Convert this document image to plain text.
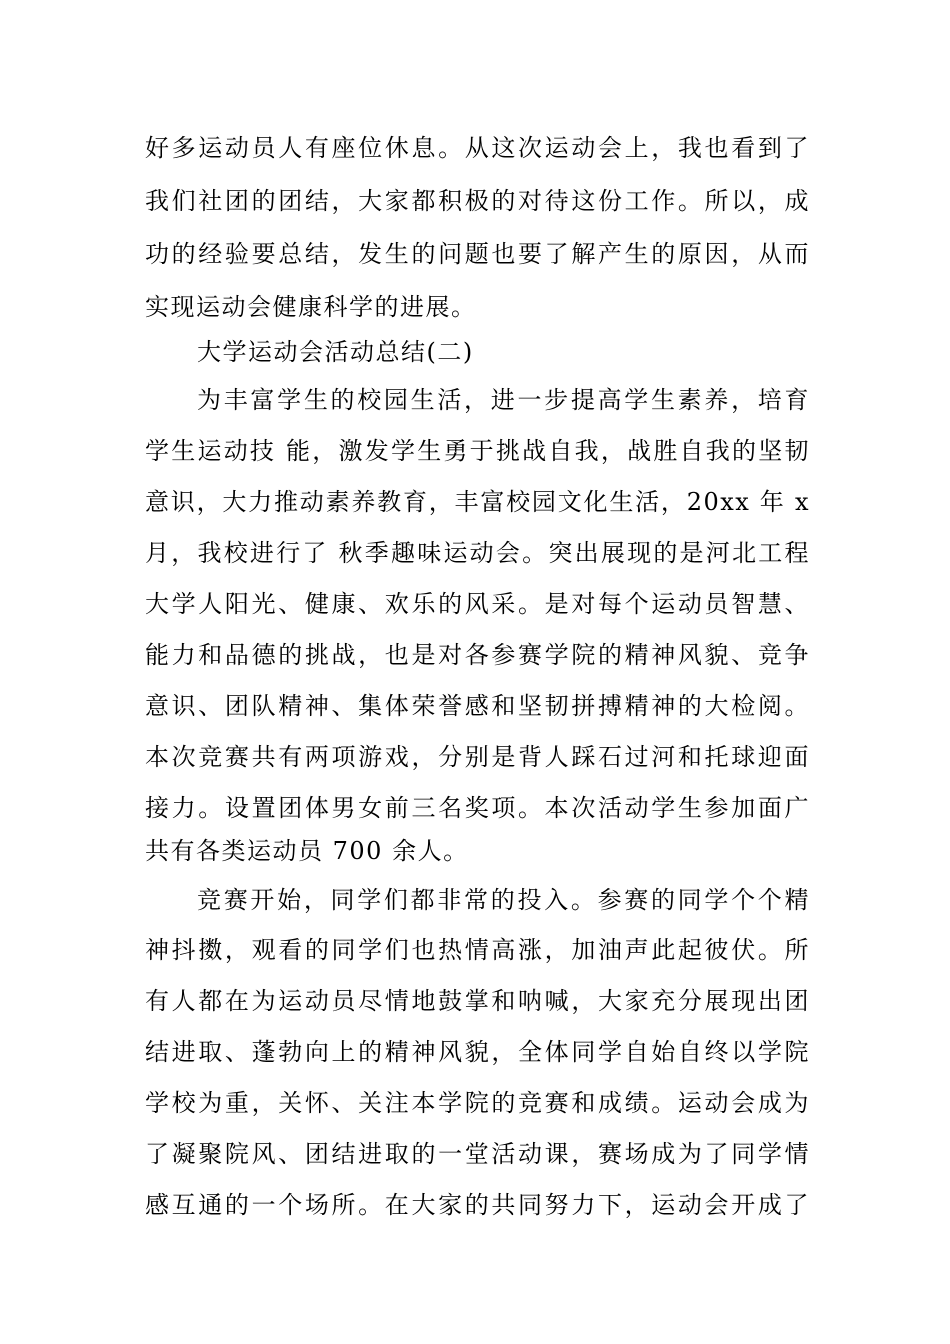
好多运动员人有座位休息。从这次运动会上，我也看到了
我们社团的团结，大家都积极的对待这份工作。所以，成
功的经验要总结，发生的问题也要了解产生的原因，从而
实现运动会健康科学的进展。
大学运动会活动总结(二)
为丰富学生的校园生活，进一步提高学生素养，培育
学生运动技 能，激发学生勇于挑战自我，战胜自我的坚韧
意识，大力推动素养教育，丰富校园文化生活，20xx 年 x
月，我校进行了 秋季趣味运动会。突出展现的是河北工程
大学人阳光、健康、欢乐的风采。是对每个运动员智慧、
能力和品德的挑战，也是对各参赛学院的精神风貌、竞争
意识、团队精神、集体荣誉感和坚韧拼搏精神的大检阅。
本次竞赛共有两项游戏，分别是背人踩石过河和托球迎面
接力。设置团体男女前三名奖项。本次活动学生参加面广
共有各类运动员 700 余人。
竞赛开始，同学们都非常的投入。参赛的同学个个精
神抖擞，观看的同学们也热情高涨，加油声此起彼伏。所
有人都在为运动员尽情地鼓掌和呐喊，大家充分展现出团
结进取、蓬勃向上的精神风貌，全体同学自始自终以学院
学校为重，关怀、关注本学院的竞赛和成绩。运动会成为
了凝聚院风、团结进取的一堂活动课，赛场成为了同学情
感互通的一个场所。在大家的共同努力下，运动会开成了
